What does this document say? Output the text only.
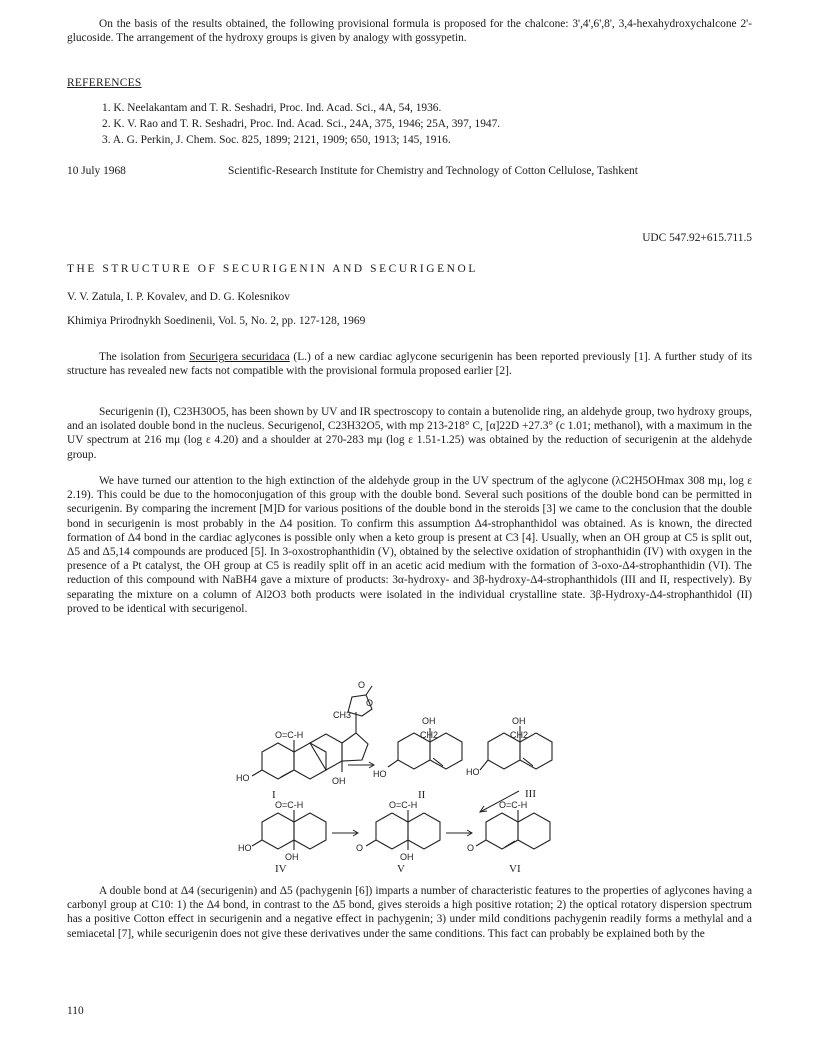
On the basis of the results obtained, the following provisional formula is proposed for the chalcone: 3',4',6',8', 3,4-hexahydroxychalcone 2'-glucoside. The arrangement of the hydroxy groups is given by analogy with gossypetin.
REFERENCES
1. K. Neelakantam and T. R. Seshadri, Proc. Ind. Acad. Sci., 4A, 54, 1936.
2. K. V. Rao and T. R. Seshadri, Proc. Ind. Acad. Sci., 24A, 375, 1946; 25A, 397, 1947.
3. A. G. Perkin, J. Chem. Soc. 825, 1899; 2121, 1909; 650, 1913; 145, 1916.
10 July 1968	Scientific-Research Institute for Chemistry and Technology of Cotton Cellulose, Tashkent
UDC 547.92+615.711.5
THE STRUCTURE OF SECURIGENIN AND SECURIGENOL
V. V. Zatula, I. P. Kovalev, and D. G. Kolesnikov
Khimiya Prirodnykh Soedinenii, Vol. 5, No. 2, pp. 127-128, 1969
The isolation from Securigera securidaca (L.) of a new cardiac aglycone securigenin has been reported previously [1]. A further study of its structure has revealed new facts not compatible with the provisional formula proposed earlier [2].
Securigenin (I), C23H30O5, has been shown by UV and IR spectroscopy to contain a butenolide ring, an aldehyde group, two hydroxy groups, and an isolated double bond in the nucleus. Securigenol, C23H32O5, with mp 213-218° C, [α]22D +27.3° (c 1.01; methanol), with a maximum in the UV spectrum at 216 mμ (log ε 4.20) and a shoulder at 270-283 mμ (log ε 1.51-1.25) was obtained by the reduction of securigenin at the aldehyde group.
We have turned our attention to the high extinction of the aldehyde group in the UV spectrum of the aglycone (λC2H5OHmax 308 mμ, log ε 2.19). This could be due to the homoconjugation of this group with the double bond. Several such positions of the double bond can be permitted in securigenin. By comparing the increment [M]D for various positions of the double bond in the steroids [3] we came to the conclusion that the double bond in securigenin is most probably in the Δ4 position. To confirm this assumption Δ4-strophanthidol was obtained. As is known, the directed formation of Δ4 bond in the cardiac aglycones is possible only when a keto group is present at C3 [4]. Usually, when an OH group at C5 is split out, Δ5 and Δ5,14 compounds are produced [5]. In 3-oxostrophanthidin (V), obtained by the selective oxidation of strophanthidin (IV) with oxygen in the presence of a Pt catalyst, the OH group at C5 is readily split off in an acetic acid medium with the formation of 3-oxo-Δ4-strophanthidin (VI). The reduction of this compound with NaBH4 gave a mixture of products: 3α-hydroxy- and 3β-hydroxy-Δ4-strophanthidols (III and II, respectively). By separating the mixture on a column of Al2O3 both products were isolated in the individual crystalline state. 3β-Hydroxy-Δ4-strophanthidol (II) proved to be identical with securigenol.
O
O
CH3
O=C-H
OH
HO
OH
CH2
HO
OH
CH2
HO
O=C-H
HO
OH
O=C-H
O
OH
O=C-H
O
I	II	III
IV	V	VI
A double bond at Δ4 (securigenin) and Δ5 (pachygenin [6]) imparts a number of characteristic features to the properties of aglycones having a carbonyl group at C10: 1) the Δ4 bond, in contrast to the Δ5 bond, gives steroids a high positive rotation; 2) the optical rotatory dispersion spectrum has a positive Cotton effect in securigenin and a negative effect in pachygenin; 3) under mild conditions pachygenin readily forms a methylal and a semiacetal [7], while securigenin does not give these derivatives under the same conditions. This fact can probably be explained both by the
110
